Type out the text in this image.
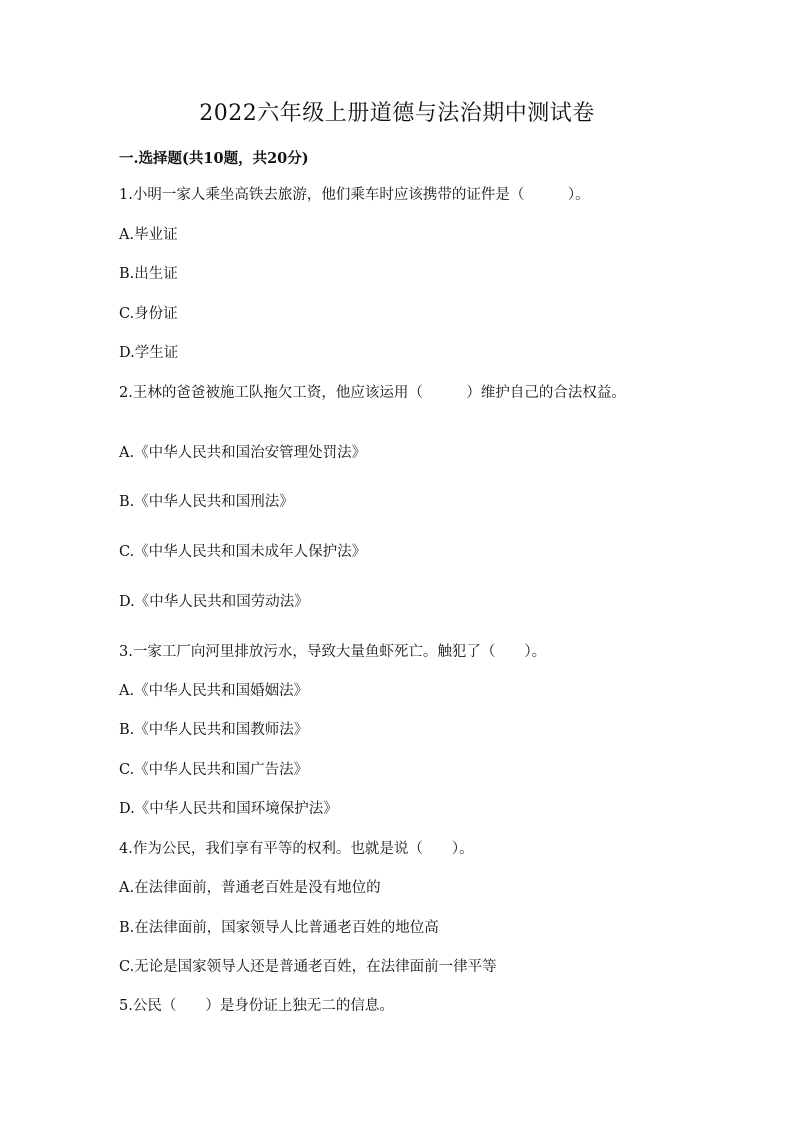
2022六年级上册道德与法治期中测试卷
一.选择题(共10题，共20分)
1.小明一家人乘坐高铁去旅游，他们乘车时应该携带的证件是（　　　）。
A.毕业证
B.出生证
C.身份证
D.学生证
2.王林的爸爸被施工队拖欠工资，他应该运用（　　　）维护自己的合法权益。
A.《中华人民共和国治安管理处罚法》
B.《中华人民共和国刑法》
C.《中华人民共和国未成年人保护法》
D.《中华人民共和国劳动法》
3.一家工厂向河里排放污水，导致大量鱼虾死亡。触犯了（　　）。
A.《中华人民共和国婚姻法》
B.《中华人民共和国教师法》
C.《中华人民共和国广告法》
D.《中华人民共和国环境保护法》
4.作为公民，我们享有平等的权利。也就是说（　　）。
A.在法律面前，普通老百姓是没有地位的
B.在法律面前，国家领导人比普通老百姓的地位高
C.无论是国家领导人还是普通老百姓，在法律面前一律平等
5.公民（　　）是身份证上独无二的信息。
